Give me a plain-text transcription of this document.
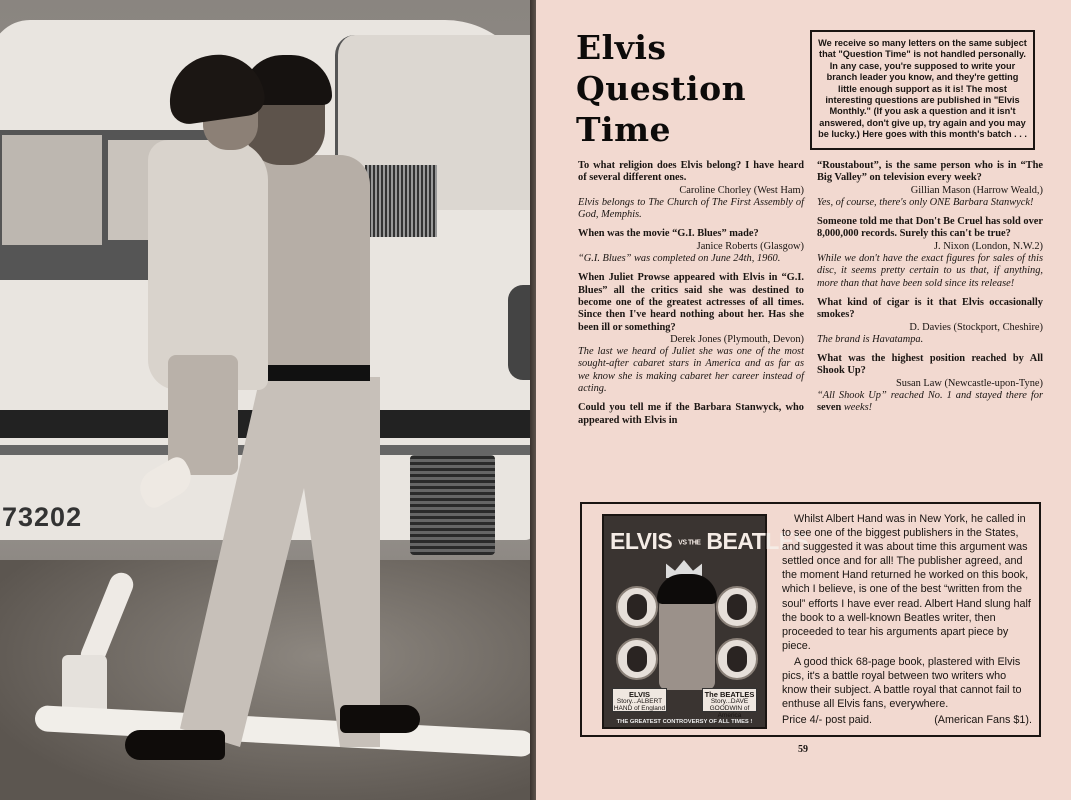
73202
Elvis
Question
Time
We receive so many letters on the same subject that "Question Time" is not handled personally. In any case, you're supposed to write your branch leader you know, and they're getting little enough support as it is! The most interesting questions are published in "Elvis Monthly." (If you ask a question and it isn't answered, don't give up, try again and you may be lucky.) Here goes with this month's batch . . .
To what religion does Elvis belong? I have heard of several different ones.
Caroline Chorley (West Ham)
Elvis belongs to The Church of The First Assembly of God, Memphis.
When was the movie “G.I. Blues” made?
Janice Roberts (Glasgow)
“G.I. Blues” was completed on June 24th, 1960.
When Juliet Prowse appeared with Elvis in “G.I. Blues” all the critics said she was destined to become one of the greatest actresses of all times. Since then I've heard nothing about her. Has she been ill or something?
Derek Jones (Plymouth, Devon)
The last we heard of Juliet she was one of the most sought-after cabaret stars in America and as far as we know she is making cabaret her career instead of acting.
Could you tell me if the Barbara Stanwyck, who appeared with Elvis in
“Roustabout”, is the same person who is in “The Big Valley” on television every week?
Gillian Mason (Harrow Weald,)
Yes, of course, there's only ONE Barbara Stanwyck!
Someone told me that Don't Be Cruel has sold over 8,000,000 records. Surely this can't be true?
J. Nixon (London, N.W.2)
While we don't have the exact figures for sales of this disc, it seems pretty certain to us that, if anything, more than that have been sold since its release!
What kind of cigar is it that Elvis occasionally smokes?
D. Davies (Stockport, Cheshire)
The brand is Havatampa.
What was the highest position reached by All Shook Up?
Susan Law (Newcastle-upon-Tyne)
“All Shook Up” reached No. 1 and stayed there for seven weeks!
ELVIS VS THE BEATLES
ELVIS
Story...ALBERT HAND of England
The BEATLES
Story...DAVE GOODWIN of America
THE GREATEST CONTROVERSY OF ALL TIMES !

Whilst Albert Hand was in New York, he called in to see one of the biggest publishers in the States, and suggested it was about time this argument was settled once and for all! The publisher agreed, and the moment Hand returned he worked on this book, which I believe, is one of the best “written from the soul” efforts I have ever read. Albert Hand slung half the book to a well-known Beatles writer, then proceeded to tear his arguments apart piece by piece.

A good thick 68-page book, plastered with Elvis pics, it's a battle royal between two writers who know their subject. A battle royal that cannot fail to enthuse all Elvis fans, everywhere.

Price 4/- post paid.	(American Fans $1).
59
